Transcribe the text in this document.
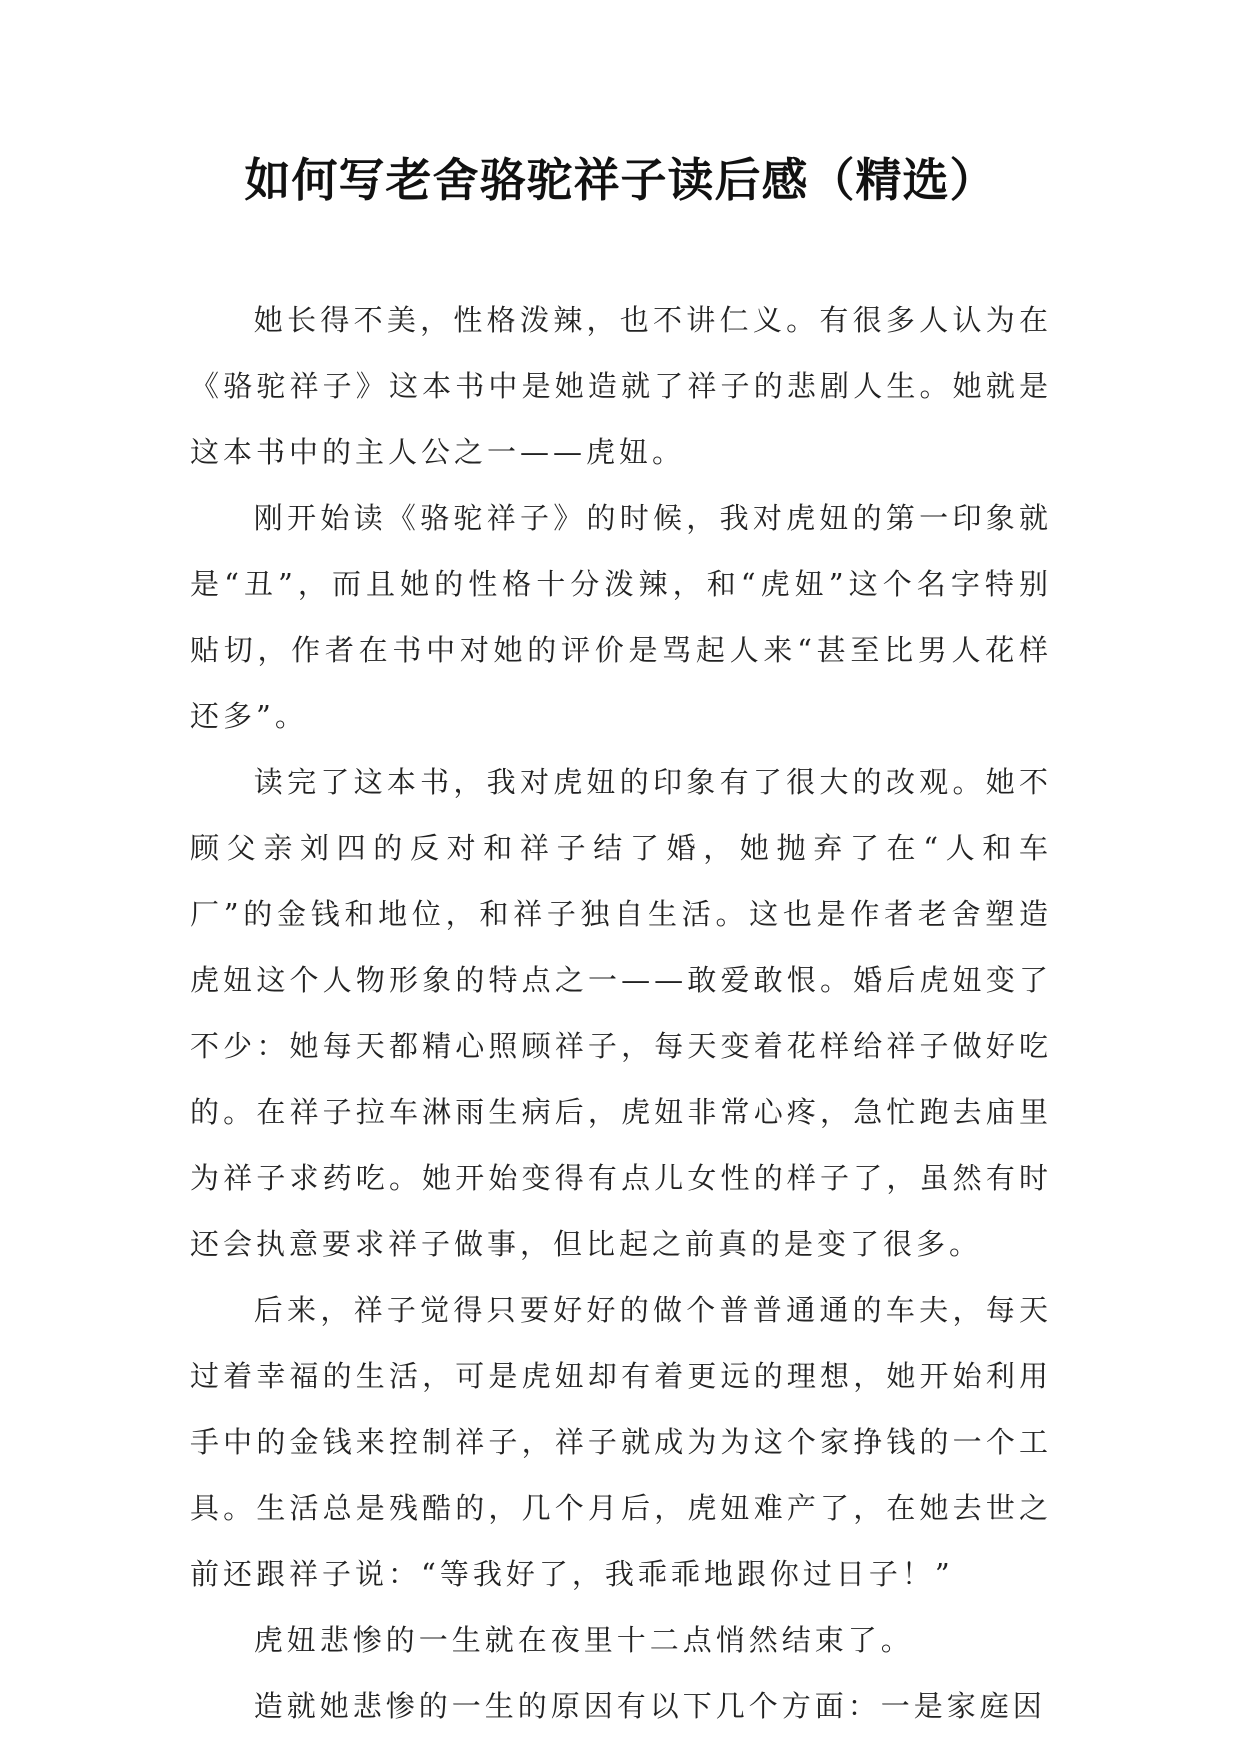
如何写老舍骆驼祥子读后感（精选）

她长得不美，性格泼辣，也不讲仁义。有很多人认为在《骆驼祥子》这本书中是她造就了祥子的悲剧人生。她就是这本书中的主人公之一——虎妞。

刚开始读《骆驼祥子》的时候，我对虎妞的第一印象就是“丑”，而且她的性格十分泼辣，和“虎妞”这个名字特别贴切，作者在书中对她的评价是骂起人来“甚至比男人花样还多”。

读完了这本书，我对虎妞的印象有了很大的改观。她不顾父亲刘四的反对和祥子结了婚，她抛弃了在“人和车厂”的金钱和地位，和祥子独自生活。这也是作者老舍塑造虎妞这个人物形象的特点之一——敢爱敢恨。婚后虎妞变了不少：她每天都精心照顾祥子，每天变着花样给祥子做好吃的。在祥子拉车淋雨生病后，虎妞非常心疼，急忙跑去庙里为祥子求药吃。她开始变得有点儿女性的样子了，虽然有时还会执意要求祥子做事，但比起之前真的是变了很多。

后来，祥子觉得只要好好的做个普普通通的车夫，每天过着幸福的生活，可是虎妞却有着更远的理想，她开始利用手中的金钱来控制祥子，祥子就成为为这个家挣钱的一个工具。生活总是残酷的，几个月后，虎妞难产了，在她去世之前还跟祥子说：“等我好了，我乖乖地跟你过日子！”

虎妞悲惨的一生就在夜里十二点悄然结束了。

造就她悲惨的一生的原因有以下几个方面：一是家庭因
